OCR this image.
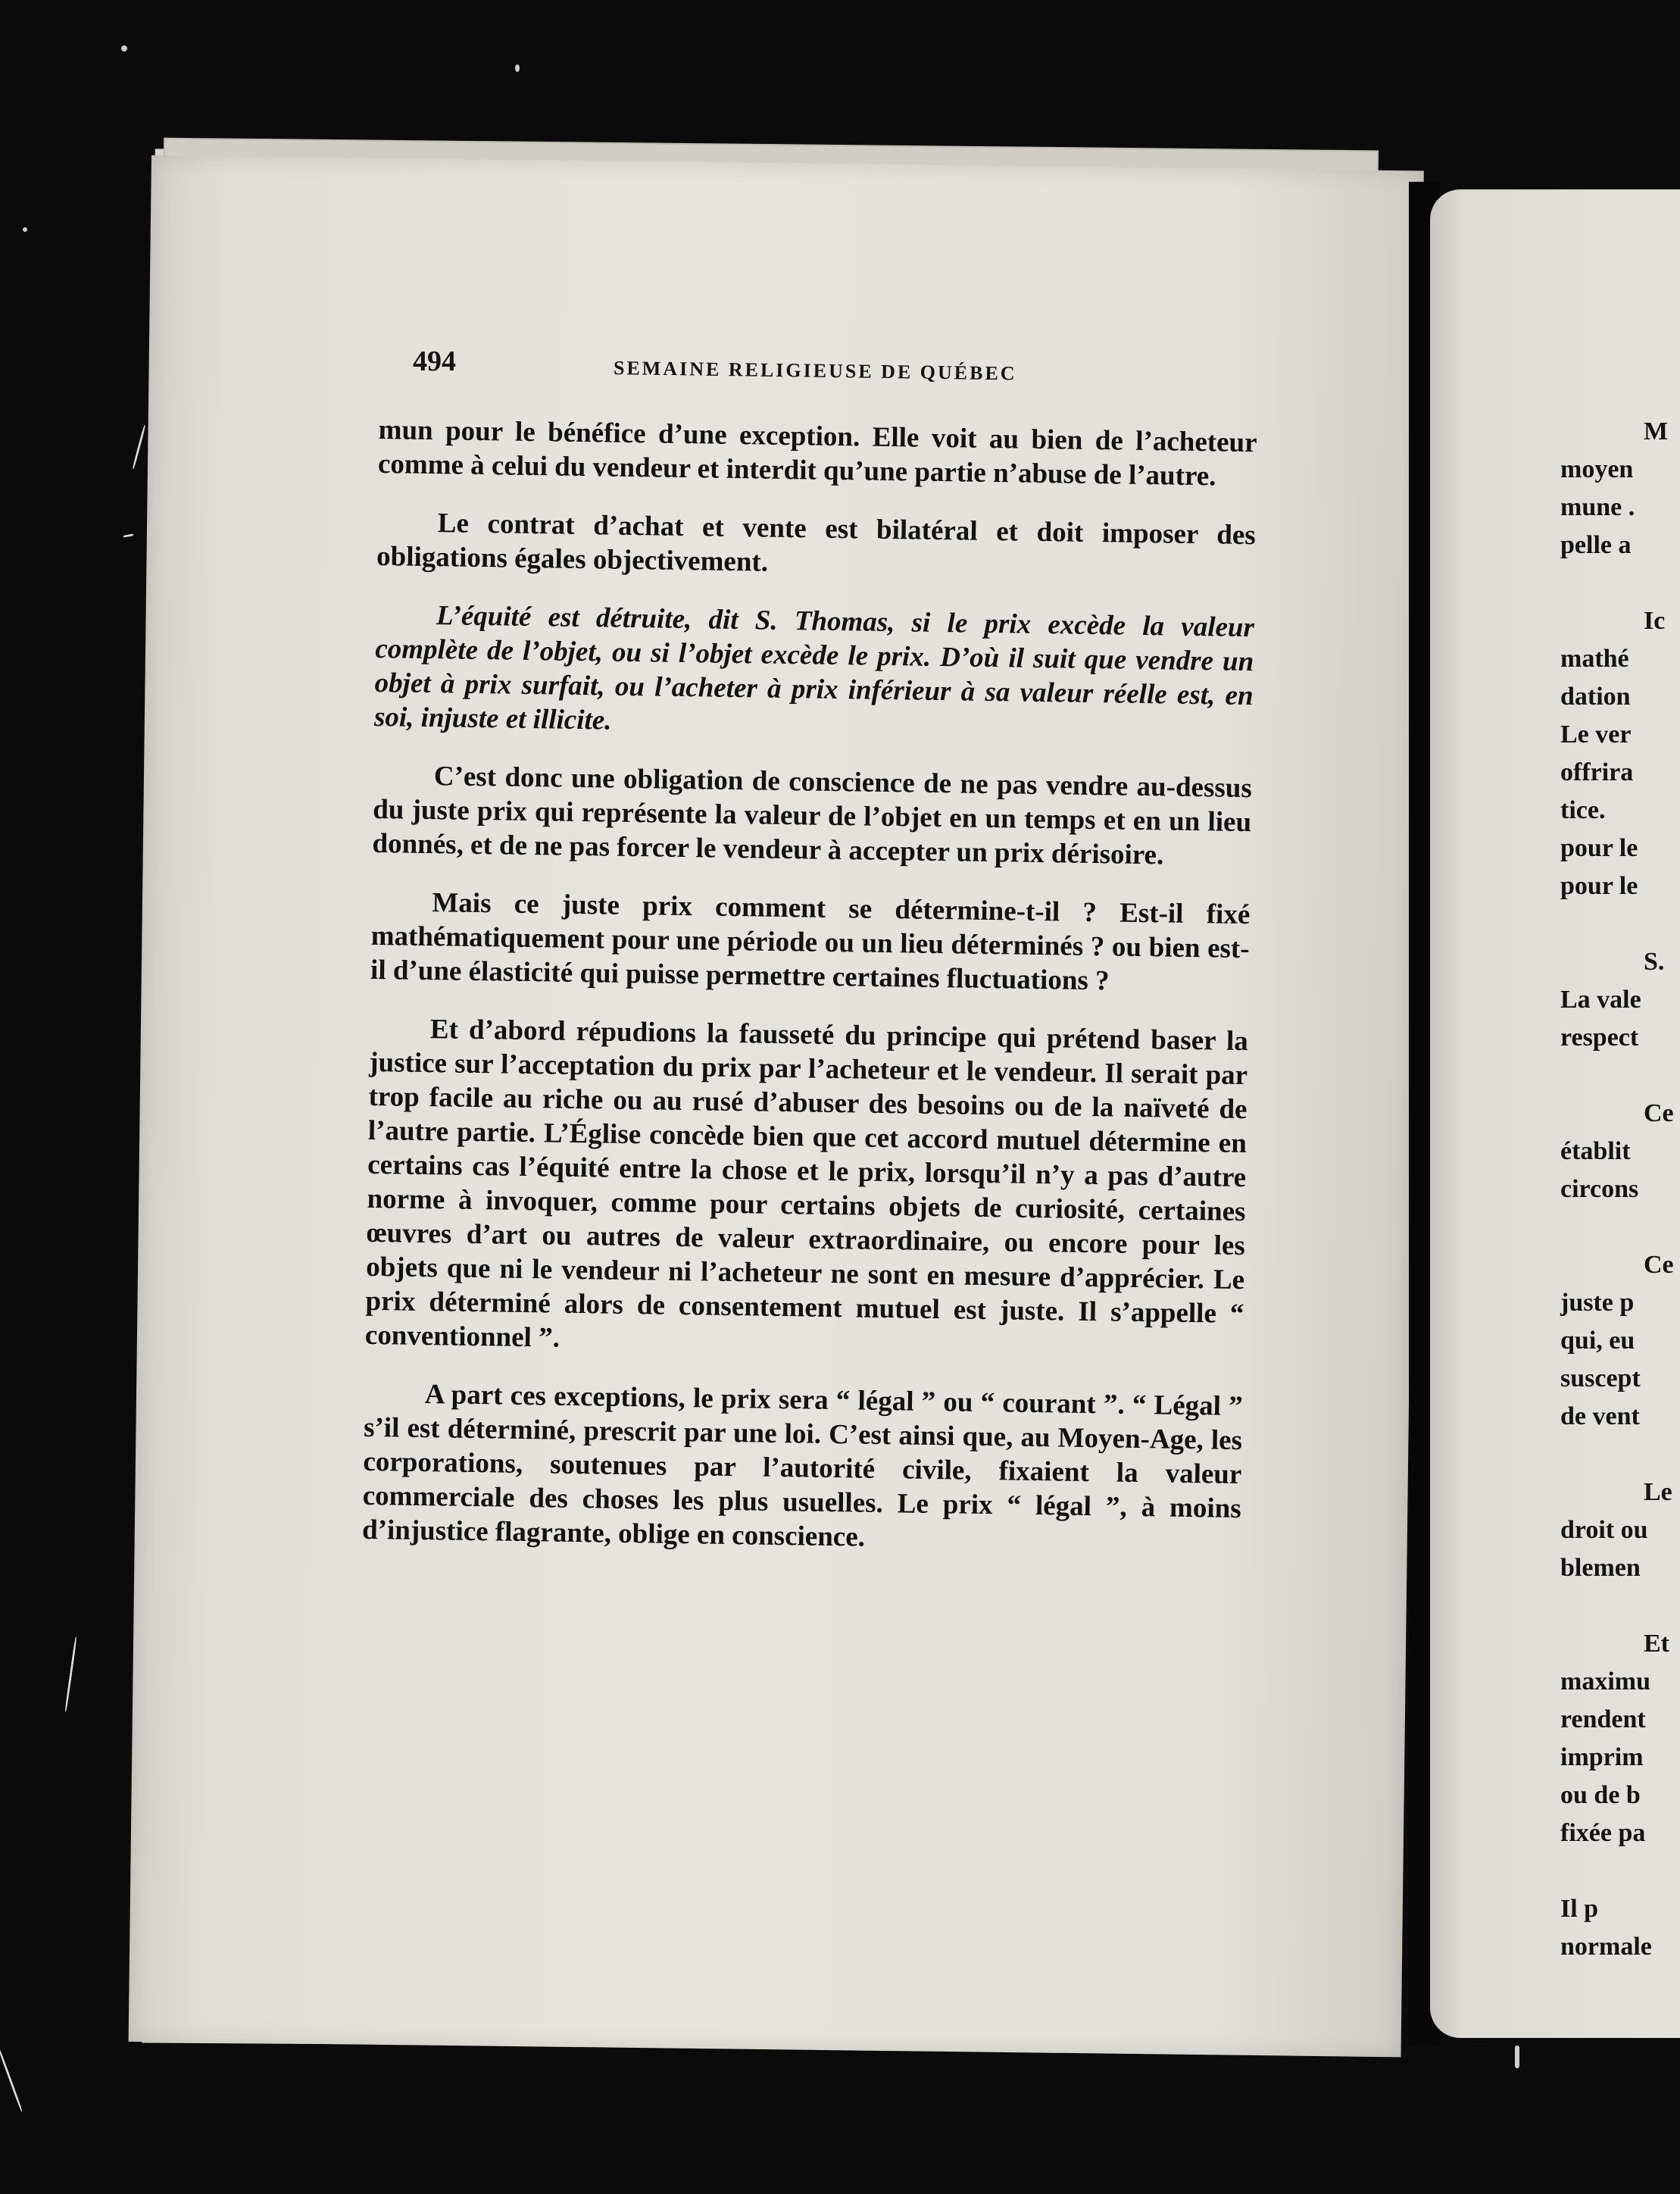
494	SEMAINE RELIGIEUSE DE QUÉBEC

mun pour le bénéfice d’une exception. Elle voit au bien de l’acheteur comme à celui du vendeur et interdit qu’une partie n’abuse de l’autre.

Le contrat d’achat et vente est bilatéral et doit imposer des obligations égales objectivement.

L’équité est détruite, dit S. Thomas, si le prix excède la valeur complète de l’objet, ou si l’objet excède le prix. D’où il suit que vendre un objet à prix surfait, ou l’acheter à prix inférieur à sa valeur réelle est, en soi, injuste et illicite.

C’est donc une obligation de conscience de ne pas vendre au-dessus du juste prix qui représente la valeur de l’objet en un temps et en un lieu donnés, et de ne pas forcer le vendeur à accepter un prix dérisoire.

Mais ce juste prix comment se détermine-t-il ? Est-il fixé mathématiquement pour une période ou un lieu déterminés ? ou bien est-il d’une élasticité qui puisse permettre certaines fluctuations ?

Et d’abord répudions la fausseté du principe qui prétend baser la justice sur l’acceptation du prix par l’acheteur et le vendeur. Il serait par trop facile au riche ou au rusé d’abuser des besoins ou de la naïveté de l’autre partie. L’Église concède bien que cet accord mutuel détermine en certains cas l’équité entre la chose et le prix, lorsqu’il n’y a pas d’autre norme à invoquer, comme pour certains objets de curiosité, certaines œuvres d’art ou autres de valeur extraordinaire, ou encore pour les objets que ni le vendeur ni l’acheteur ne sont en mesure d’apprécier. Le prix déterminé alors de consentement mutuel est juste. Il s’appelle “ conventionnel ”.

A part ces exceptions, le prix sera “ légal ” ou “ courant ”. “ Légal ” s’il est déterminé, prescrit par une loi. C’est ainsi que, au Moyen-Age, les corporations, soutenues par l’autorité civile, fixaient la valeur commerciale des choses les plus usuelles. Le prix “ légal ”, à moins d’injustice flagrante, oblige en conscience.

M
moyen
mune .
pelle a
Ic
mathé
dation
Le ver
offrira
tice.
pour le
pour le
S.
La vale
respect
Ce
établit
circons
Ce
juste p
qui, eu
suscept
de vent
Le
droit ou
blemen
Et
maximu
rendent
imprim
ou de b
fixée pa
Il p
normale
